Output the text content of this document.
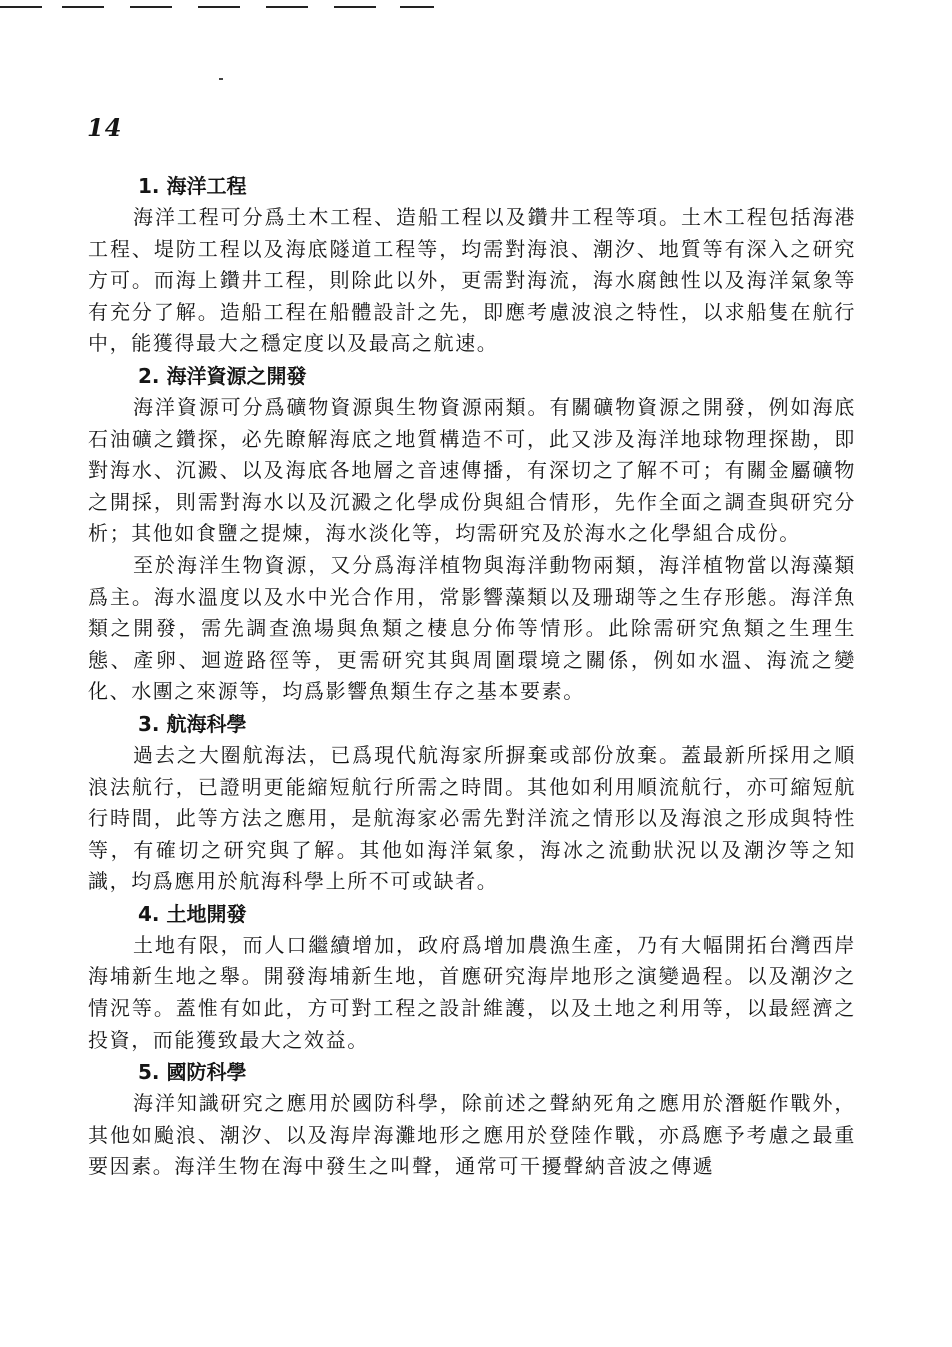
14
1. 海洋工程
海洋工程可分爲土木工程、造船工程以及鑽井工程等項。土木工程包括海港工程、堤防工程以及海底隧道工程等，均需對海浪、潮汐、地質等有深入之研究方可。而海上鑽井工程，則除此以外，更需對海流，海水腐蝕性以及海洋氣象等有充分了解。造船工程在船體設計之先，即應考慮波浪之特性，以求船隻在航行中，能獲得最大之穩定度以及最高之航速。
2. 海洋資源之開發
海洋資源可分爲礦物資源與生物資源兩類。有關礦物資源之開發，例如海底石油礦之鑽探，必先瞭解海底之地質構造不可，此又涉及海洋地球物理探勘，即對海水、沉澱、以及海底各地層之音速傳播，有深切之了解不可；有關金屬礦物之開採，則需對海水以及沉澱之化學成份與組合情形，先作全面之調查與研究分析；其他如食鹽之提煉，海水淡化等，均需研究及於海水之化學組合成份。
至於海洋生物資源，又分爲海洋植物與海洋動物兩類，海洋植物當以海藻類爲主。海水溫度以及水中光合作用，常影響藻類以及珊瑚等之生存形態。海洋魚類之開發，需先調查漁場與魚類之棲息分佈等情形。此除需研究魚類之生理生態、產卵、迴遊路徑等，更需研究其與周圍環境之關係，例如水溫、海流之變化、水團之來源等，均爲影響魚類生存之基本要素。
3. 航海科學
過去之大圈航海法，已爲現代航海家所摒棄或部份放棄。蓋最新所採用之順浪法航行，已證明更能縮短航行所需之時間。其他如利用順流航行，亦可縮短航行時間，此等方法之應用，是航海家必需先對洋流之情形以及海浪之形成與特性等，有確切之研究與了解。其他如海洋氣象，海冰之流動狀況以及潮汐等之知識，均爲應用於航海科學上所不可或缺者。
4. 土地開發
土地有限，而人口繼續增加，政府爲增加農漁生產，乃有大幅開拓台灣西岸海埔新生地之舉。開發海埔新生地，首應研究海岸地形之演變過程。以及潮汐之情況等。蓋惟有如此，方可對工程之設計維護，以及土地之利用等，以最經濟之投資，而能獲致最大之效益。
5. 國防科學
海洋知識研究之應用於國防科學，除前述之聲納死角之應用於潛艇作戰外，其他如颱浪、潮汐、以及海岸海灘地形之應用於登陸作戰，亦爲應予考慮之最重要因素。海洋生物在海中發生之叫聲，通常可干擾聲納音波之傳遞
